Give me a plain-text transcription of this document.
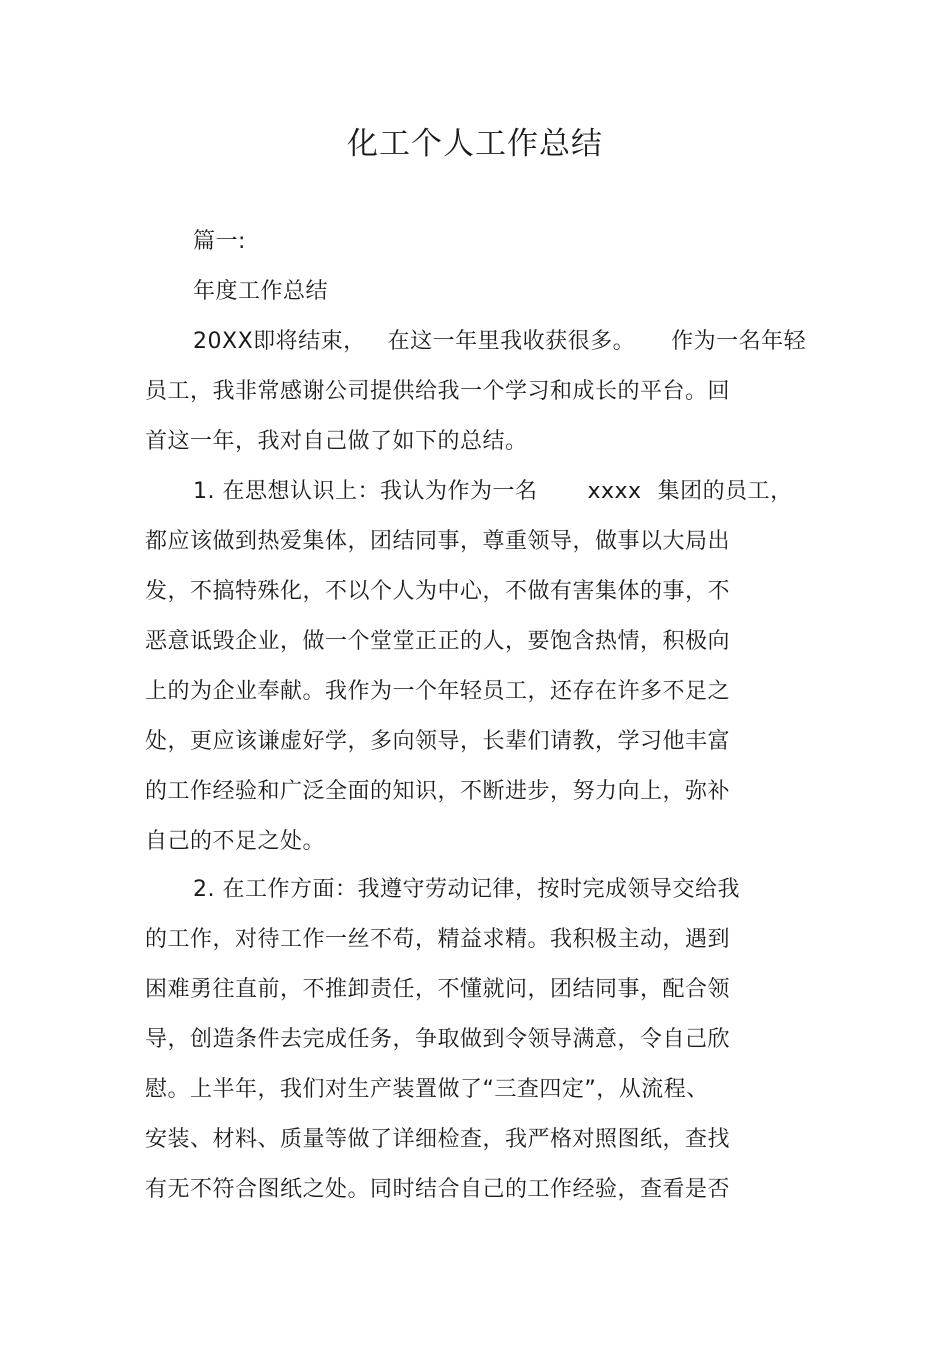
化工个人工作总结
篇一:
年度工作总结
20XX即将结束， 在这一年里我收获很多。 作为一名年轻
员工，我非常感谢公司提供给我一个学习和成长的平台。回
首这一年，我对自己做了如下的总结。
1. 在思想认识上：我认为作为一名 xxxx 集团的员工，
都应该做到热爱集体，团结同事，尊重领导，做事以大局出
发，不搞特殊化，不以个人为中心，不做有害集体的事，不
恶意诋毁企业，做一个堂堂正正的人，要饱含热情，积极向
上的为企业奉献。我作为一个年轻员工，还存在许多不足之
处，更应该谦虚好学，多向领导，长辈们请教，学习他丰富
的工作经验和广泛全面的知识，不断进步，努力向上，弥补
自己的不足之处。
2. 在工作方面：我遵守劳动记律，按时完成领导交给我
的工作，对待工作一丝不苟，精益求精。我积极主动，遇到
困难勇往直前，不推卸责任，不懂就问，团结同事，配合领
导，创造条件去完成任务，争取做到令领导满意，令自己欣
慰。上半年，我们对生产装置做了“三查四定”，从流程、
安装、材料、质量等做了详细检查，我严格对照图纸，查找
有无不符合图纸之处。同时结合自己的工作经验，查看是否
